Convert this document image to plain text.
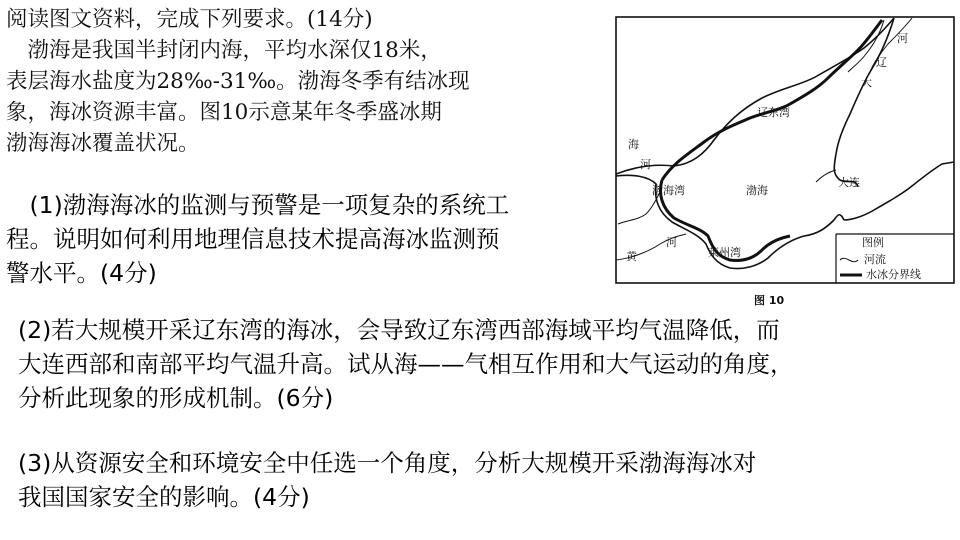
阅读图文资料，完成下列要求。(14分)
　渤海是我国半封闭内海，平均水深仅18米，
表层海水盐度为28‰-31‰。渤海冬季有结冰现
象，海冰资源丰富。图10示意某年冬季盛冰期
渤海海冰覆盖状况。
　(1)渤海海冰的监测与预警是一项复杂的系统工
程。说明如何利用地理信息技术提高海冰监测预
警水平。(4分)
(2)若大规模开采辽东湾的海冰，会导致辽东湾西部海域平均气温降低，而
大连西部和南部平均气温升高。试从海——气相互作用和大气运动的角度，
分析此现象的形成机制。(6分)
(3)从资源安全和环境安全中任选一个角度，分析大规模开采渤海海冰对
我国国家安全的影响。(4分)
河
辽
大
辽东湾
海
河
渤海湾	渤海
大连
河
黄	莱州湾
图例
河流
水冰分界线
图 10
